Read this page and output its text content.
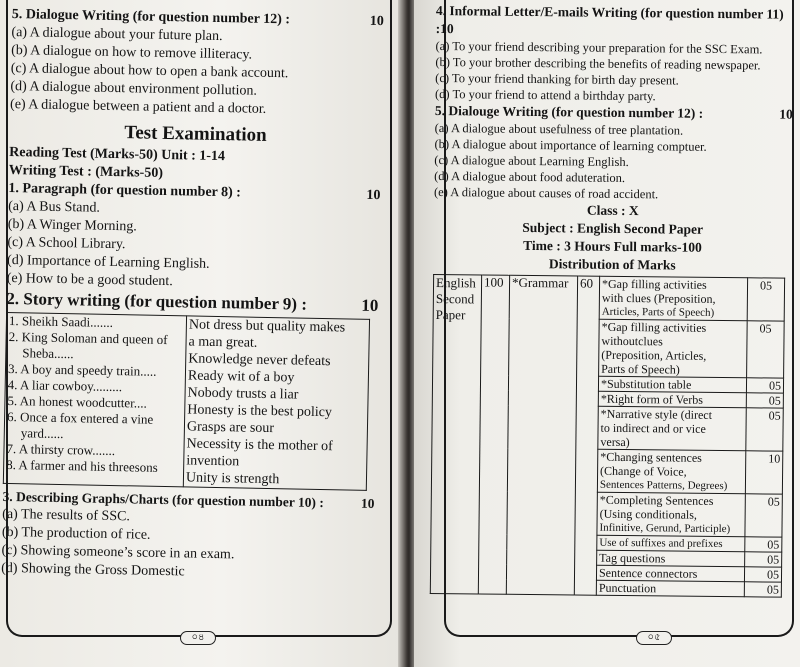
5. Dialogue Writing (for question number 12) :	10
(a) A dialogue about your future plan.
(b) A dialogue on how to remove illiteracy.
(c) A dialogue about how to open a bank account.
(d) A dialogue about environment pollution.
(e) A dialogue between a patient and a doctor.
Test Examination
Reading Test (Marks-50) Unit : 1-14
Writing Test : (Marks-50)
1. Paragraph (for question number 8) :	10
(a) A Bus Stand.
(b) A Winger Morning.
(c) A School Library.
(d) Importance of Learning English.
(e) How to be a good student.
2. Story writing (for question number 9) :	10
1. Sheikh Saadi.......
2. King Soloman and queen of
Sheba......
3. A boy and speedy train.....
4. A liar cowboy.........
5. An honest woodcutter....
6. Once a fox entered a vine
yard......
7. A thirsty crow.......
8. A farmer and his threesons

Not dress but quality makes
a man great.
Knowledge never defeats
Ready wit of a boy
Nobody trusts a liar
Honesty is the best policy
Grasps are sour
Necessity is the mother of
invention
Unity is strength
3. Describing Graphs/Charts (for question number 10) :	10
(a) The results of SSC.
(b) The production of rice.
(c) Showing someone’s score in an exam.
(d) Showing the Gross Domestic
০৪
4. Informal Letter/E-mails Writing (for question number 11) :10
(a) To your friend describing your preparation for the SSC Exam.
(b) To your brother describing the benefits of reading newspaper.
(c) To your friend thanking for birth day present.
(d) To your friend to attend a birthday party.
5. Dialouge Writing (for question number 12) :	10
(a) A dialogue about usefulness of tree plantation.
(b) A dialogue about importance of learning comptuer.
(c) A dialogue about Learning English.
(d) A dialogue about food aduteration.
(e) A dialogue about causes of road accident.
Class : X
Subject : English Second Paper
Time : 3 Hours Full marks-100
Distribution of Marks
English
Second
Paper	100	*Grammar	60	*Gap filling activities
with clues (Preposition,
Articles, Parts of Speech)	05

				*Gap filling activities
withoutclues
(Preposition, Articles,
Parts of Speech)	05

				*Substitution table	05

				*Right form of Verbs	05

				*Narrative style (direct
to indirect and or vice
versa)	05

				*Changing sentences
(Change of Voice,
Sentences Patterns, Degrees)	10

				*Completing Sentences
(Using conditionals,
Infinitive, Gerund, Participle)	05

				Use of suffixes and prefixes	05

				Tag questions	05

				Sentence connectors	05

				Punctuation	05
০৫
